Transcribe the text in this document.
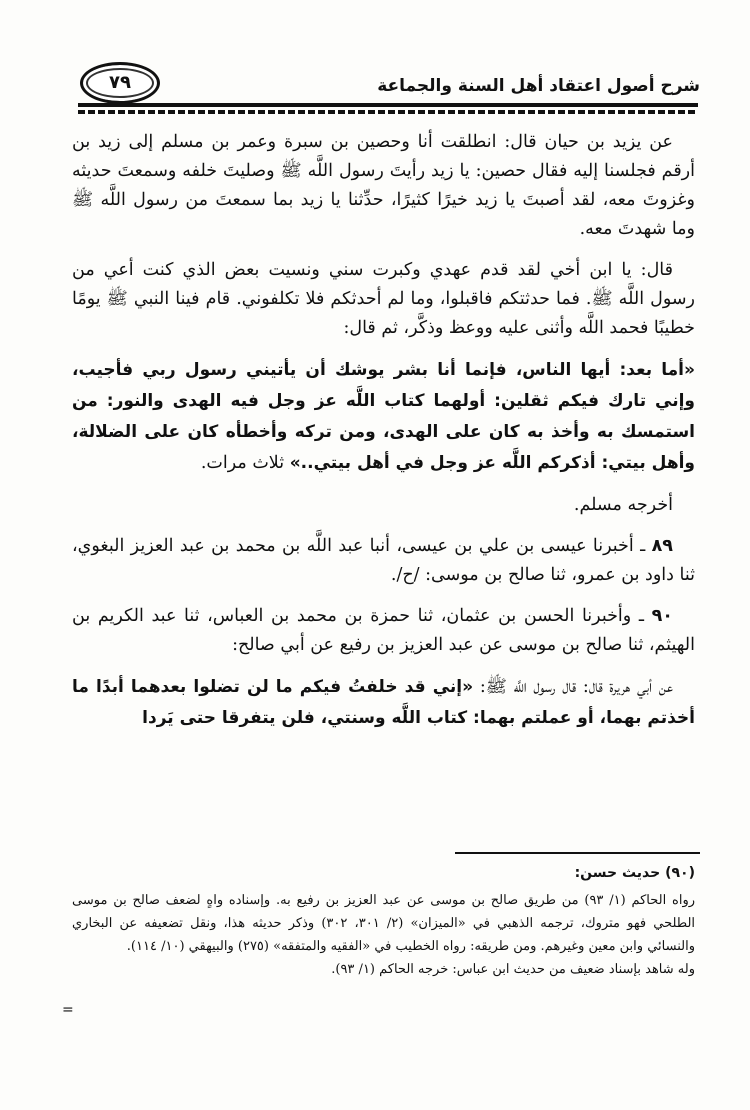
شرح أصول اعتقاد أهل السنة والجماعة
٧٩

عن يزيد بن حيان قال: انطلقت أنا وحصين بن سبرة وعمر بن مسلم إلى زيد بن أرقم فجلسنا إليه فقال حصين: يا زيد رأيتَ رسول اللَّه ﷺ وصليتَ خلفه وسمعتَ حديثه وغزوتَ معه، لقد أصبتَ يا زيد خيرًا كثيرًا، حدِّثنا يا زيد بما سمعتَ من رسول اللَّه ﷺ وما شهدتَ معه.

قال: يا ابن أخي لقد قدم عهدي وكبرت سني ونسيت بعض الذي كنت أعي من رسول اللَّه ﷺ. فما حدثتكم فاقبلوا، وما لم أحدثكم فلا تكلفوني. قام فينا النبي ﷺ يومًا خطيبًا فحمد اللَّه وأثنى عليه ووعظ وذكَّر، ثم قال:

«أما بعد: أيها الناس، فإنما أنا بشر يوشك أن يأتيني رسول ربي فأجيب، وإني تارك فيكم ثقلين: أولهما كتاب اللَّه عز وجل فيه الهدى والنور: من استمسك به وأخذ به كان على الهدى، ومن تركه وأخطأه كان على الضلالة، وأهل بيتي: أذكركم اللَّه عز وجل في أهل بيتي..» ثلاث مرات.

أخرجه مسلم.

٨٩ ـ أخبرنا عيسى بن علي بن عيسى، أنبا عبد اللَّه بن محمد بن عبد العزيز البغوي، ثنا داود بن عمرو، ثنا صالح بن موسى: /ح/.

٩٠ ـ وأخبرنا الحسن بن عثمان، ثنا حمزة بن محمد بن العباس، ثنا عبد الكريم بن الهيثم، ثنا صالح بن موسى عن عبد العزيز بن رفيع عن أبي صالح:

عن أبي هريرة قال: قال رسول اللَّه ﷺ: «إني قد خلفتُ فيكم ما لن تضلوا بعدهما أبدًا ما أخذتم بهما، أو عملتم بهما: كتاب اللَّه وسنتي، فلن يتفرقا حتى يَردا

(٩٠) حديث حسن:

رواه الحاكم (١/ ٩٣) من طريق صالح بن موسى عن عبد العزيز بن رفيع به. وإسناده واهٍ لضعف صالح بن موسى الطلحي فهو متروك، ترجمه الذهبي في «الميزان» (٢/ ٣٠١، ٣٠٢) وذكر حديثه هذا، ونقل تضعيفه عن البخاري والنسائي وابن معين وغيرهم. ومن طريقه: رواه الخطيب في «الفقيه والمتفقه» (٢٧٥) والبيهقي (١٠/ ١١٤).

وله شاهد بإسناد ضعيف من حديث ابن عباس: خرجه الحاكم (١/ ٩٣).

=
